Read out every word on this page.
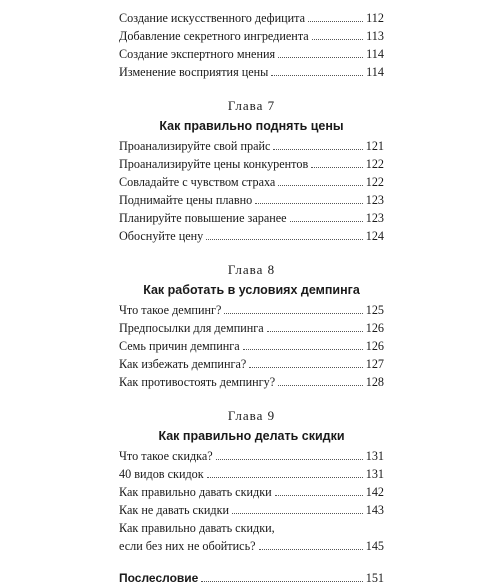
Создание искусственного дефицита	112
Добавление секретного ингредиента	113
Создание экспертного мнения	114
Изменение восприятия цены	114
Глава 7
Как правильно поднять цены
Проанализируйте свой прайс	121
Проанализируйте цены конкурентов	122
Совладайте с чувством страха	122
Поднимайте цены плавно	123
Планируйте повышение заранее	123
Обоснуйте цену	124
Глава 8
Как работать в условиях демпинга
Что такое демпинг?	125
Предпосылки для демпинга	126
Семь причин демпинга	126
Как избежать демпинга?	127
Как противостоять демпингу?	128
Глава 9
Как правильно делать скидки
Что такое скидка?	131
40 видов скидок	131
Как правильно давать скидки	142
Как не давать скидки	143
Как правильно давать скидки,
если без них не обойтись?	145
Послесловие	151
